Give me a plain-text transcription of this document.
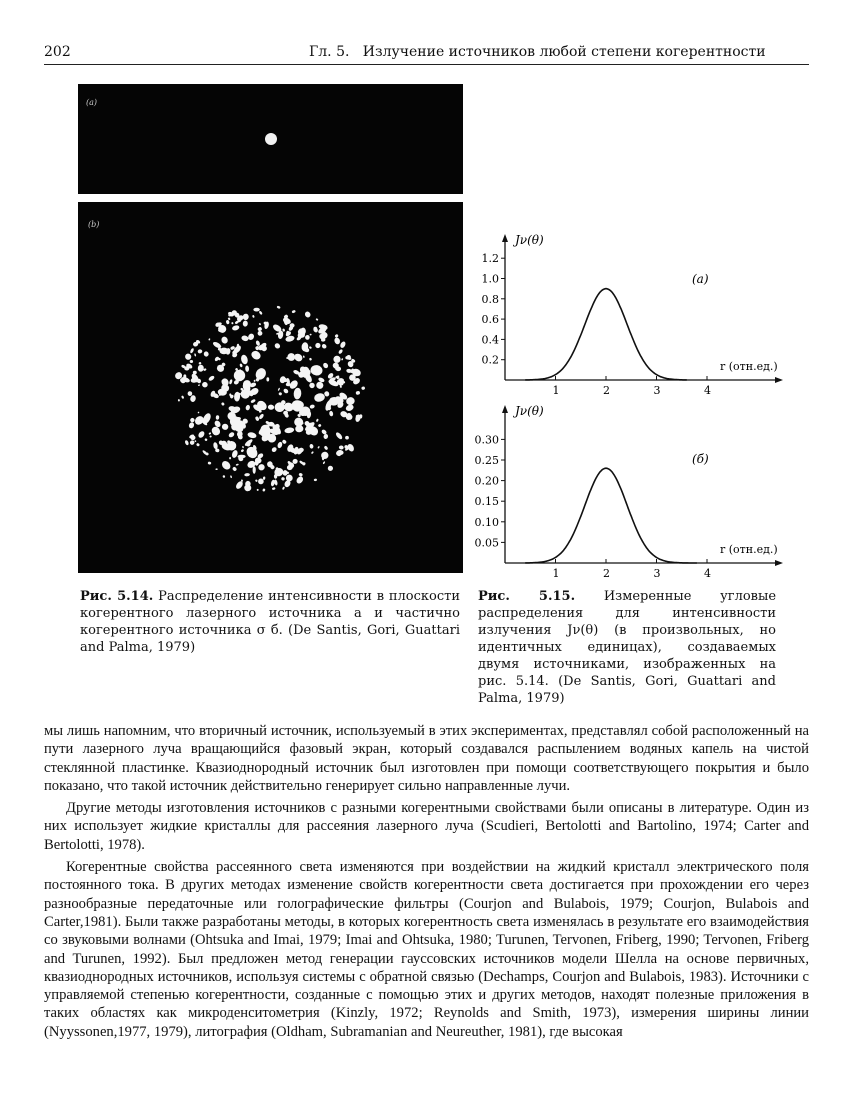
202	Гл. 5.   Излучение источников любой степени когерентности
(a)
(b)
Jν(θ)
1	2	3	4
0.2
0.4
0.6
0.8
1.0
1.2
r (отн.ед.)
(a)
Jν(θ)
1	2	3	4
0.05
0.10
0.15
0.20
0.25
0.30
r (отн.ед.)
(б)
Рис. 5.14. Распределение интенсивности в плоскости когерентного лазерного источника a и частично когерентного источника σ б. (De Santis, Gori, Guattari and Palma, 1979)
Рис. 5.15. Измеренные угловые распределения для интенсивности излучения Jν(θ) (в произвольных, но идентичных единицах), создаваемых двумя источниками, изображенных на рис. 5.14. (De Santis, Gori, Guattari and Palma, 1979)

мы лишь напомним, что вторичный источник, используемый в этих экспериментах, представлял собой расположенный на пути лазерного луча вращающийся фазовый экран, который создавался распылением водяных капель на чистой стеклянной пластинке. Квазиоднородный источник был изготовлен при помощи соответствующего покрытия и было показано, что такой источник действительно генерирует сильно направленные лучи.

Другие методы изготовления источников с разными когерентными свойствами были описаны в литературе. Один из них использует жидкие кристаллы для рассеяния лазерного луча (Scudieri, Bertolotti and Bartolino, 1974; Carter and Bertolotti, 1978).

Когерентные свойства рассеянного света изменяются при воздействии на жидкий кристалл электрического поля постоянного тока. В других методах изменение свойств когерентности света достигается при прохождении его через разнообразные передаточные или голографические фильтры (Courjon and Bulabois, 1979; Courjon, Bulabois and Carter,1981). Были также разработаны методы, в которых когерентность света изменялась в результате его взаимодействия со звуковыми волнами (Ohtsuka and Imai, 1979; Imai and Ohtsuka, 1980; Turunen, Tervonen, Friberg, 1990; Tervonen, Friberg and Turunen, 1992). Был предложен метод генерации гауссовских источников модели Шелла на основе первичных, квазиоднородных источников, используя системы с обратной связью (Dechamps, Courjon and Bulabois, 1983). Источники с управляемой степенью когерентности, созданные с помощью этих и других методов, находят полезные приложения в таких областях как микроденситометрия (Kinzly, 1972; Reynolds and Smith, 1973), измерения ширины линии (Nyyssonen,1977, 1979), литография (Oldham, Subramanian and Neureuther, 1981), где высокая
